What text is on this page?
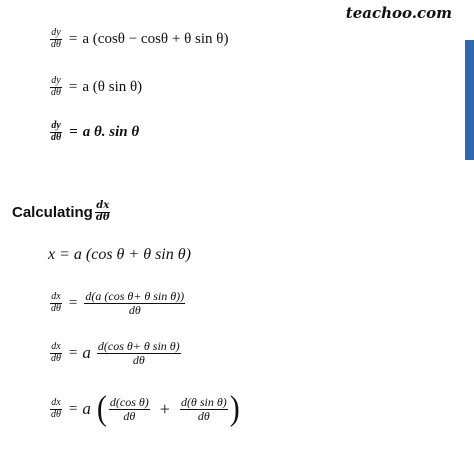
teachoo.com
$\frac{dy}{d\theta} = a$ (cosθ − cosθ + θ sin θ)
$\frac{dy}{d\theta} = a$ (θ sin θ)
$\frac{dy}{d\theta} = a$ θ. sin θ
Calculating $\frac{dx}{d\theta}$
x = a (cos θ + θ sin θ)
$\frac{dx}{d\theta} = \frac{\text{d(a (cos θ+ θ sin θ))}}{d\theta}$
$\frac{dx}{d\theta} = a \frac{\text{d(cos θ+ θ sin θ)}}{d\theta}$
$\frac{dx}{d\theta} = a$ ( $\frac{\text{d(cos θ)}}{d\theta} + \frac{\text{d(θ sin θ)}}{d\theta}$ )
